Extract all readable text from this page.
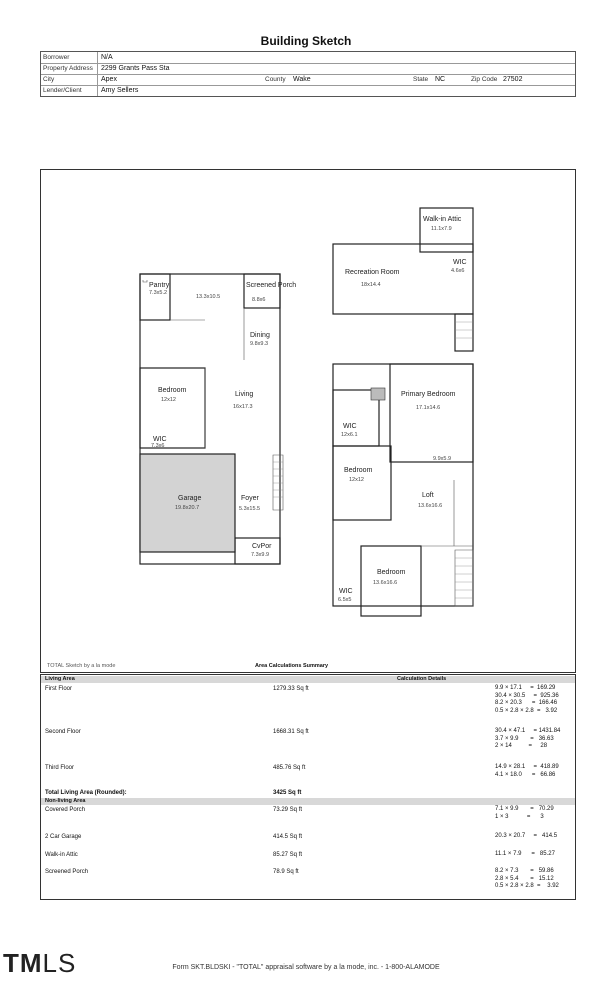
Building Sketch
Borrower	N/A
Property Address 2299 Grants Pass Sta
City	Apex	County Wake	State NC	Zip Code 27502
Lender/Client	Amy Sellers
Pantry
7.3x5.2
13.3x10.5
Screened Porch
8.8x6
Dining
9.8x9.3
Bedroom
12x12
Living
16x17.3
WIC
7.3x6
Garage
19.8x20.7
Foyer
5.3x15.5
CvPor
7.3x9.9
Recreation Room
18x14.4
Walk-in Attic
11.1x7.9
WIC
4.6x6
Primary Bedroom
17.1x14.6
WIC
12x6.1
9.9x5.9
Bedroom
12x12
Loft
13.6x16.6
Bedroom
13.6x16.6
WIC
6.5x5
TOTAL Sketch by a la mode	Area Calculations Summary
Living Area	Calculation Details
First Floor	1279.33 Sq ft	9.9 × 17.1     =  169.29
30.4 × 30.5     =  925.36
8.2 × 20.3      =  166.46
0.5 × 2.8 × 2.8  =   3.92
Second Floor	1668.31 Sq ft	30.4 × 47.1     = 1431.84
3.7 × 9.9       =   36.63
2 × 14          =     28
Third Floor	485.76 Sq ft	14.9 × 28.1     =  418.89
4.1 × 18.0      =   66.86
Total Living Area (Rounded):	3425 Sq ft
Non-living Area
Covered Porch	73.29 Sq ft	7.1 × 9.9       =   70.29
1 × 3           =      3
2 Car Garage	414.5 Sq ft	20.3 × 20.7     =   414.5
Walk-in Attic	85.27 Sq ft	11.1 × 7.9      =   85.27
Screened Porch	78.9 Sq ft	8.2 × 7.3       =   59.86
2.8 × 5.4       =   15.12
0.5 × 2.8 × 2.8  =    3.92
TMLS	Form SKT.BLDSKI - "TOTAL" appraisal software by a la mode, inc. - 1-800-ALAMODE
